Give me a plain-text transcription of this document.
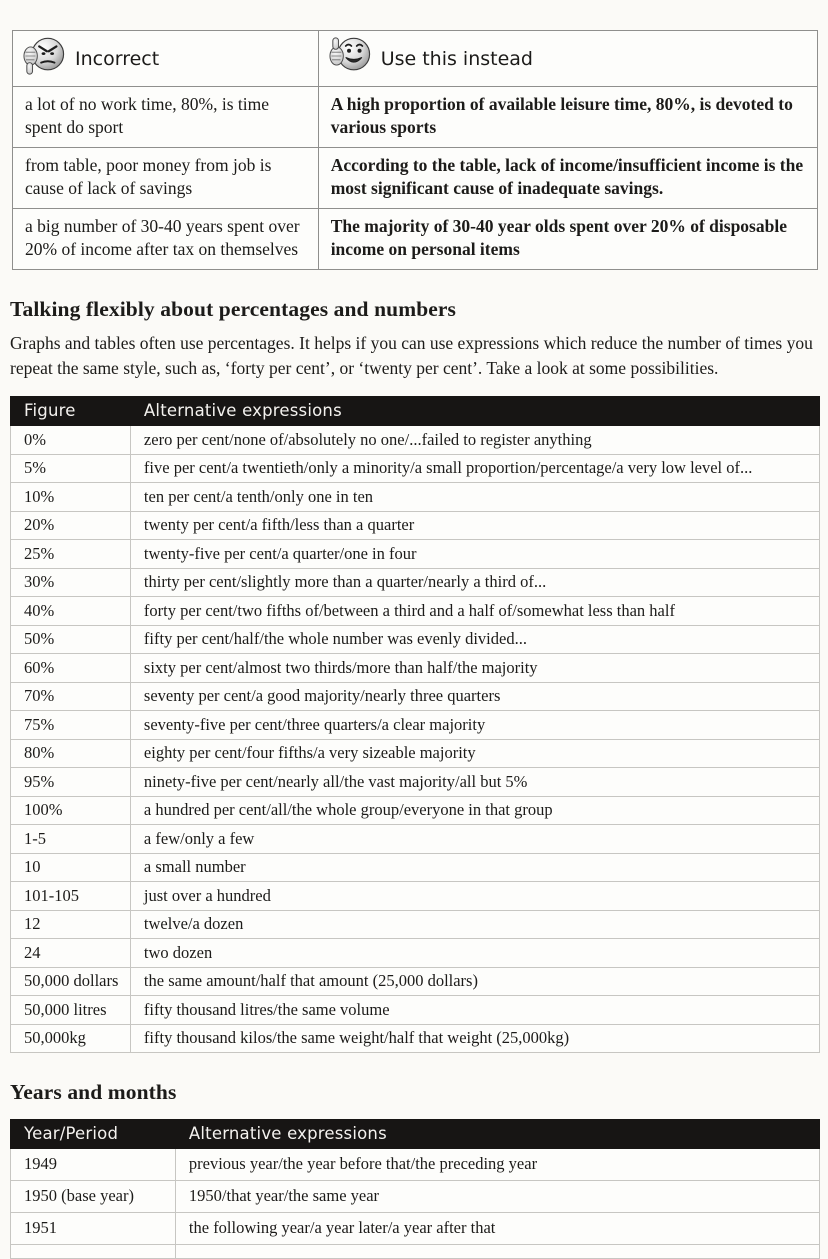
Incorrect	Use this instead

a lot of no work time, 80%, is time spent do sport	A high proportion of available leisure time, 80%, is devoted to various sports
from table, poor money from job is cause of lack of savings	According to the table, lack of income/insufficient income is the most significant cause of inadequate savings.
a big number of 30-40 years spent over 20% of income after tax on themselves	The majority of 30-40 year olds spent over 20% of disposable income on personal items
Talking flexibly about percentages and numbers

Graphs and tables often use percentages. It helps if you can use expressions which reduce the number of times you repeat the same style, such as, ‘forty per cent’, or ‘twenty per cent’. Take a look at some possibilities.

Figure	Alternative expressions
0%	zero per cent/none of/absolutely no one/...failed to register anything
5%	five per cent/a twentieth/only a minority/a small proportion/percentage/a very low level of...
10%	ten per cent/a tenth/only one in ten
20%	twenty per cent/a fifth/less than a quarter
25%	twenty-five per cent/a quarter/one in four
30%	thirty per cent/slightly more than a quarter/nearly a third of...
40%	forty per cent/two fifths of/between a third and a half of/somewhat less than half
50%	fifty per cent/half/the whole number was evenly divided...
60%	sixty per cent/almost two thirds/more than half/the majority
70%	seventy per cent/a good majority/nearly three quarters
75%	seventy-five per cent/three quarters/a clear majority
80%	eighty per cent/four fifths/a very sizeable majority
95%	ninety-five per cent/nearly all/the vast majority/all but 5%
100%	a hundred per cent/all/the whole group/everyone in that group
1-5	a few/only a few
10	a small number
101-105	just over a hundred
12	twelve/a dozen
24	two dozen
50,000 dollars	the same amount/half that amount (25,000 dollars)
50,000 litres	fifty thousand litres/the same volume
50,000kg	fifty thousand kilos/the same weight/half that weight (25,000kg)
Years and months
Year/Period	Alternative expressions
1949	previous year/the year before that/the preceding year
1950 (base year)	1950/that year/the same year
1951	the following year/a year later/a year after that
